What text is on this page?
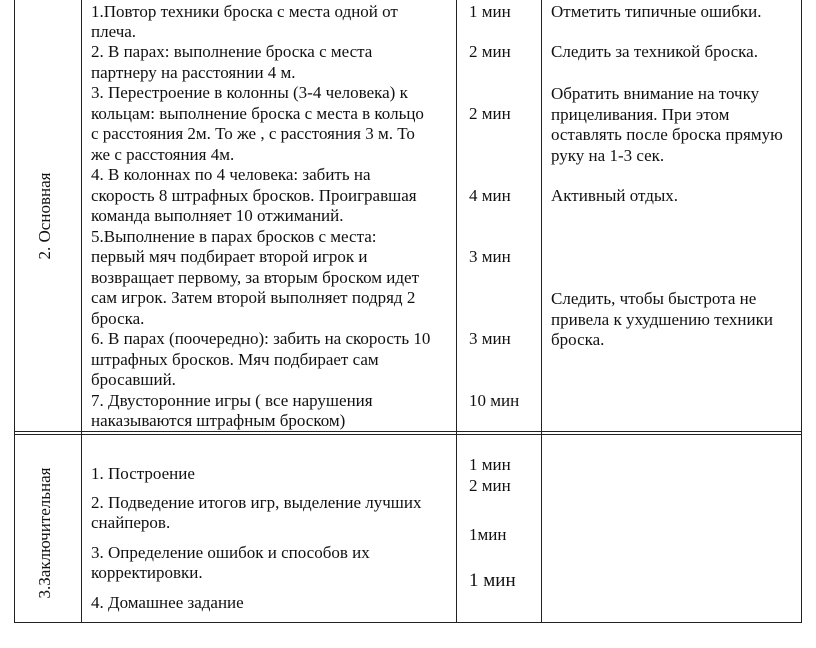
2. Основная
3.Заключительная
1.Повтор техники броска с места одной от
плеча.
2. В парах: выполнение броска с места
партнеру на расстоянии 4 м.
3. Перестроение в колонны (3-4 человека) к
кольцам: выполнение броска с места в кольцо
с расстояния 2м. То же , с расстояния 3 м. То
же с расстояния 4м.
4. В колоннах по 4 человека: забить на
скорость 8 штрафных бросков. Проигравшая
команда выполняет 10 отжиманий.
5.Выполнение в парах бросков с места:
первый мяч подбирает второй игрок и
возвращает первому, за вторым броском идет
сам игрок. Затем второй выполняет подряд 2
броска.
6. В парах (поочередно): забить на скорость 10
штрафных бросков. Мяч подбирает сам
бросавший.
7. Двусторонние игры ( все нарушения
наказываются штрафным броском)
1 мин
2 мин
2 мин
4 мин
3 мин
3 мин
10 мин
Отметить типичные ошибки.
Следить за техникой броска.
Обратить внимание на точку
прицеливания. При этом
оставлять после броска прямую
руку на 1-3 сек.
Активный отдых.
Следить, чтобы быстрота не
привела к ухудшению техники
броска.
1. Построение
2. Подведение итогов игр, выделение лучших
снайперов.
3. Определение ошибок и способов их
корректировки.
4. Домашнее задание
1 мин
2 мин
1мин
1 мин
